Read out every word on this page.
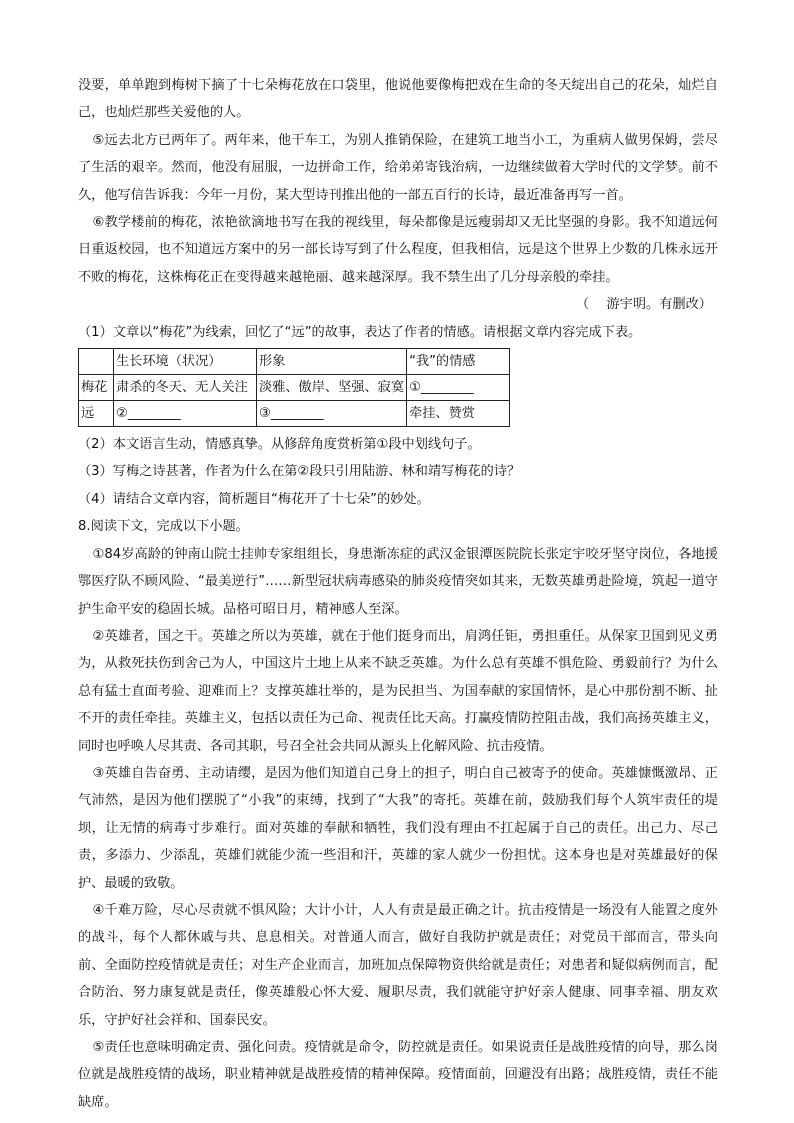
没要，单单跑到梅树下摘了十七朵梅花放在口袋里，他说他要像梅把戏在生命的冬天绽出自己的花朵，灿烂自己，也灿烂那些关爱他的人。

⑤远去北方已两年了。两年来，他干车工，为别人推销保险，在建筑工地当小工，为重病人做男保姆，尝尽了生活的艰辛。然而，他没有屈服，一边拼命工作，给弟弟寄钱治病，一边继续做着大学时代的文学梦。前不久，他写信告诉我：今年一月份，某大型诗刊推出他的一部五百行的长诗，最近准备再写一首。

⑥教学楼前的梅花，浓艳欲滴地书写在我的视线里，每朵都像是远瘦弱却又无比坚强的身影。我不知道远何日重返校园，也不知道远方案中的另一部长诗写到了什么程度，但我相信，远是这个世界上少数的几株永远开不败的梅花，这株梅花正在变得越来越艳丽、越来越深厚。我不禁生出了几分母亲般的牵挂。

（　 游宇明。有删改）

（1）文章以“梅花”为线索，回忆了“远”的故事，表达了作者的情感。请根据文章内容完成下表。

	生长环境（状况）	形象	“我”的情感
梅花	肃杀的冬天、无人关注	淡雅、傲岸、坚强、寂寞	①________
远	②________	③________	牵挂、赞赏

（2）本文语言生动，情感真挚。从修辞角度赏析第①段中划线句子。

（3）写梅之诗甚著，作者为什么在第②段只引用陆游、林和靖写梅花的诗？

（4）请结合文章内容，简析题目“梅花开了十七朵”的妙处。

8.阅读下文，完成以下小题。

①84岁高龄的钟南山院士挂帅专家组组长，身患渐冻症的武汉金银潭医院院长张定宇咬牙坚守岗位，各地援鄂医疗队不顾风险、“最美逆行”……新型冠状病毒感染的肺炎疫情突如其来，无数英雄勇赴险境，筑起一道守护生命平安的稳固长城。品格可昭日月，精神感人至深。

②英雄者，国之干。英雄之所以为英雄，就在于他们挺身而出，肩鸿任钜，勇担重任。从保家卫国到见义勇为，从救死扶伤到舍己为人，中国这片土地上从来不缺乏英雄。为什么总有英雄不惧危险、勇毅前行？为什么总有猛士直面考验、迎难而上？支撑英雄壮举的，是为民担当、为国奉献的家国情怀，是心中那份割不断、扯不开的责任牵挂。英雄主义，包括以责任为己命、视责任比天高。打赢疫情防控阻击战，我们高扬英雄主义，同时也呼唤人尽其责、各司其职，号召全社会共同从源头上化解风险、抗击疫情。

③英雄自告奋勇、主动请缨，是因为他们知道自己身上的担子，明白自己被寄予的使命。英雄慷慨激昂、正气沛然，是因为他们摆脱了“小我”的束缚，找到了“大我”的寄托。英雄在前，鼓励我们每个人筑牢责任的堤坝，让无情的病毒寸步难行。面对英雄的奉献和牺牲，我们没有理由不扛起属于自己的责任。出己力、尽己责，多添力、少添乱，英雄们就能少流一些泪和汗，英雄的家人就少一份担忧。这本身也是对英雄最好的保护、最暖的致敬。

④千难万险，尽心尽责就不惧风险；大计小计，人人有责是最正确之计。抗击疫情是一场没有人能置之度外的战斗，每个人都休戚与共、息息相关。对普通人而言，做好自我防护就是责任；对党员干部而言，带头向前、全面防控疫情就是责任；对生产企业而言，加班加点保障物资供给就是责任；对患者和疑似病例而言，配合防治、努力康复就是责任，像英雄般心怀大爱、履职尽责，我们就能守护好亲人健康、同事幸福、朋友欢乐，守护好社会祥和、国泰民安。

⑤责任也意味明确定责、强化问责。疫情就是命令，防控就是责任。如果说责任是战胜疫情的向导，那么岗位就是战胜疫情的战场，职业精神就是战胜疫情的精神保障。疫情面前，回避没有出路；战胜疫情，责任不能缺席。
